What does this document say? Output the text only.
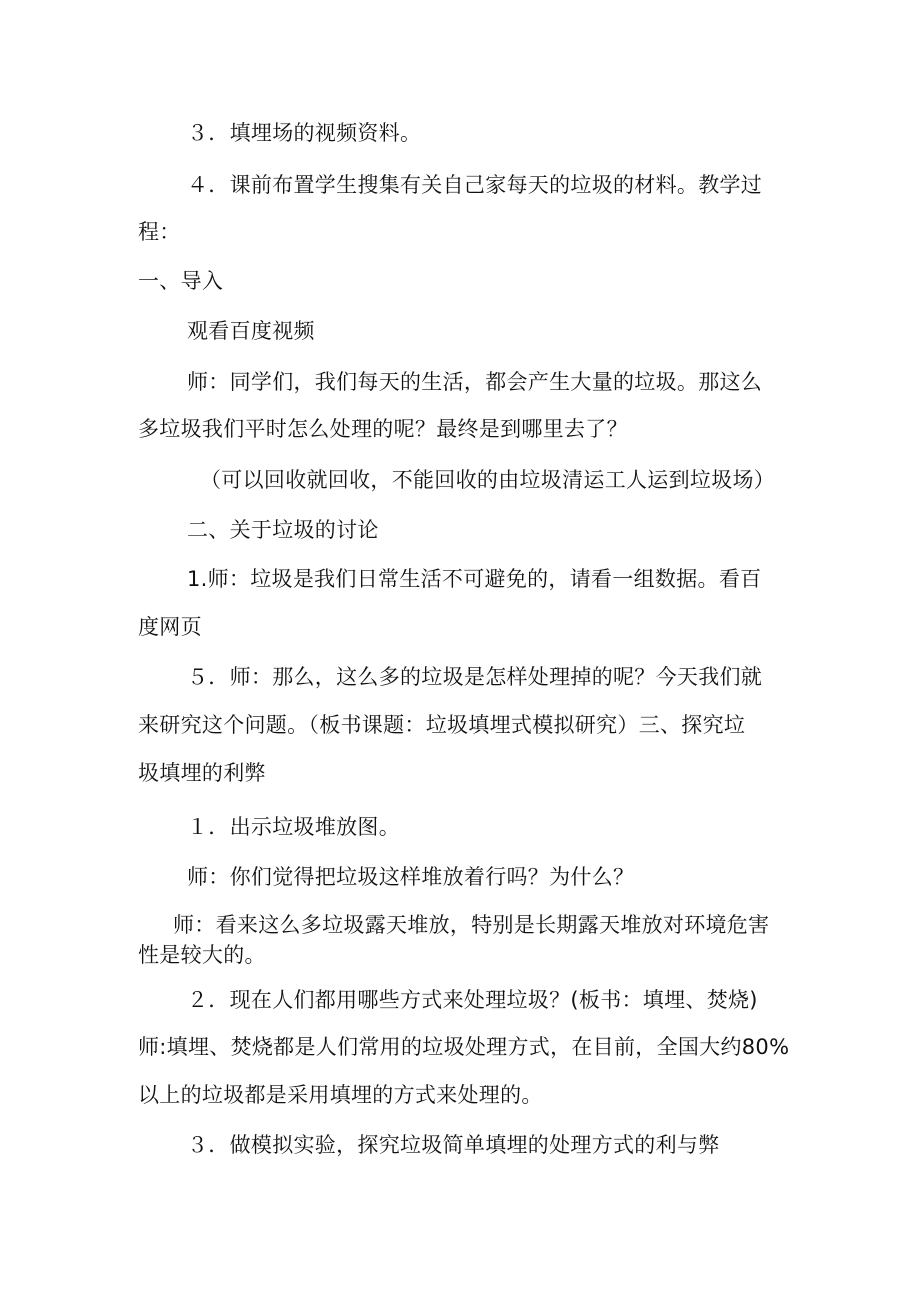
３．填埋场的视频资料。
４．课前布置学生搜集有关自己家每天的垃圾的材料。教学过
程：
一、导入
观看百度视频
师：同学们，我们每天的生活，都会产生大量的垃圾。那这么
多垃圾我们平时怎么处理的呢？最终是到哪里去了？
（可以回收就回收，不能回收的由垃圾清运工人运到垃圾场）
二、关于垃圾的讨论
1.师：垃圾是我们日常生活不可避免的，请看一组数据。看百
度网页
５．师：那么，这么多的垃圾是怎样处理掉的呢？今天我们就
来研究这个问题。（板书课题：垃圾填埋式模拟研究）三、探究垃
圾填埋的利弊
１．出示垃圾堆放图。
师：你们觉得把垃圾这样堆放着行吗？为什么？
师：看来这么多垃圾露天堆放，特别是长期露天堆放对环境危害
性是较大的。
２．现在人们都用哪些方式来处理垃圾？(板书：填埋、焚烧)
师:填埋、焚烧都是人们常用的垃圾处理方式，在目前，全国大约80%
以上的垃圾都是采用填埋的方式来处理的。
３．做模拟实验，探究垃圾简单填埋的处理方式的利与弊
